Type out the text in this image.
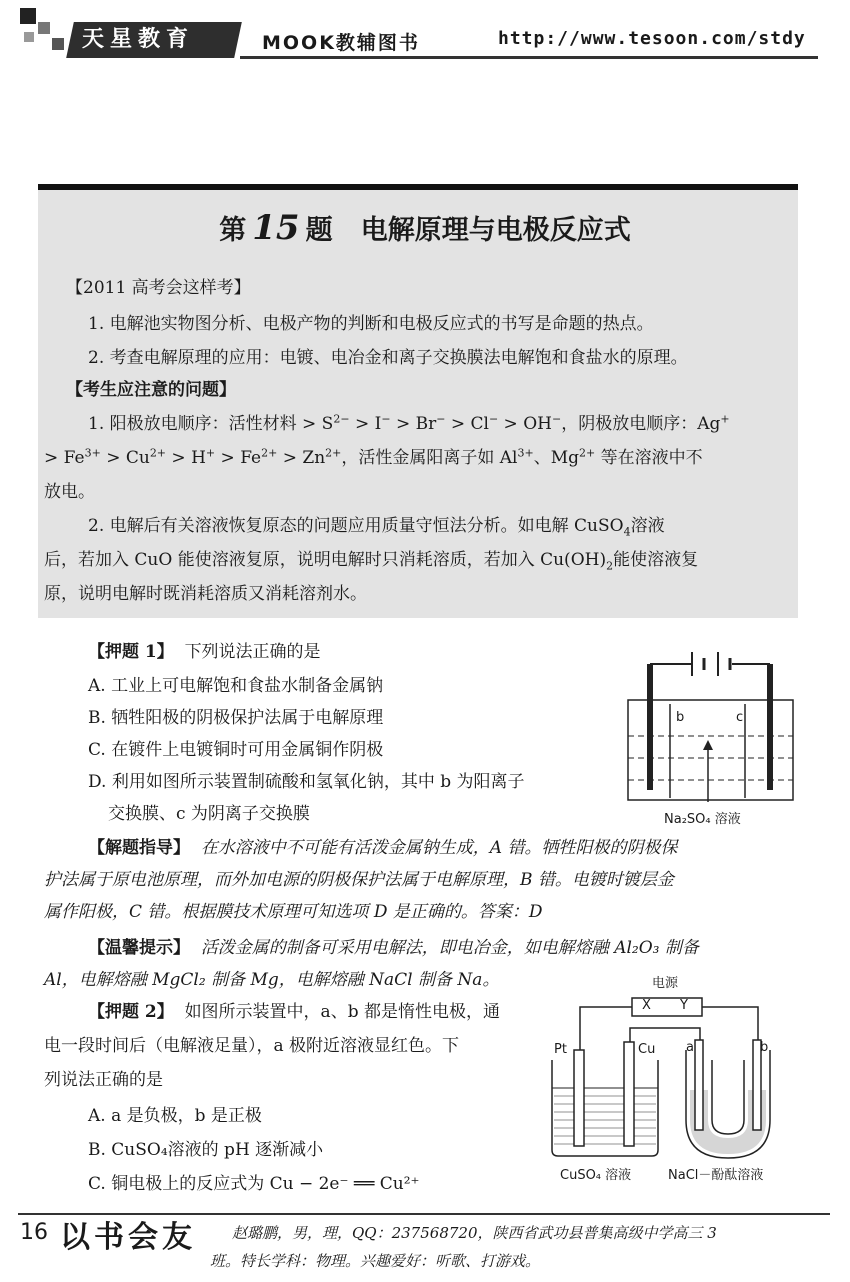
天星教育	MOOK教辅图书	http://www.tesoon.com/stdy
第 15 题 电解原理与电极反应式
【2011 高考会这样考】
1. 电解池实物图分析、电极产物的判断和电极反应式的书写是命题的热点。
2. 考查电解原理的应用：电镀、电冶金和离子交换膜法电解饱和食盐水的原理。
【考生应注意的问题】
1. 阳极放电顺序：活性材料 > $S^{2-} > I^- > Br^- > Cl^- > OH^-$，阴极放电顺序：Ag+
> $Fe^{3+} > Cu^{2+} > H^+ > Fe^{2+} > Zn^{2+}$，活性金属阳离子如 $Al^{3+}$、$Mg^{2+}$ 等在溶液中不
放电。
2. 电解后有关溶液恢复原态的问题应用质量守恒法分析。如电解 CuSO$_4$溶液
后，若加入 CuO 能使溶液复原，说明电解时只消耗溶质，若加入 $Cu(OH)_2$能使溶液复
原，说明电解时既消耗溶质又消耗溶剂水。
【押题 1】 下列说法正确的是
A. 工业上可电解饱和食盐水制备金属钠
B. 牺牲阳极的阴极保护法属于电解原理
C. 在镀件上电镀铜时可用金属铜作阴极
D. 利用如图所示装置制硫酸和氢氧化钠，其中 b 为阳离子
交换膜、c 为阴离子交换膜
b	c
Na₂SO₄ 溶液
【解题指导】 在水溶液中不可能有活泼金属钠生成，A 错。牺牲阳极的阴极保
护法属于原电池原理，而外加电源的阴极保护法属于电解原理，B 错。电镀时镀层金
属作阳极，C 错。根据膜技术原理可知选项 D 是正确的。答案：D
【温馨提示】 活泼金属的制备可采用电解法，即电冶金，如电解熔融 Al₂O₃ 制备
Al，电解熔融 MgCl₂ 制备 Mg，电解熔融 NaCl 制备 Na。
【押题 2】 如图所示装置中，a、b 都是惰性电极，通
电一段时间后（电解液足量），a 极附近溶液显红色。下
列说法正确的是
A. a 是负极，b 是正极
B. CuSO₄溶液的 pH 逐渐减小
C. 铜电极上的反应式为 Cu − 2e⁻ ══ Cu²⁺
电源
X Y
Pt	Cu a	b
CuSO₄ 溶液	NaCl－酚酞溶液
16 以书会友 赵璐鹏，男，理，QQ：237568720，陕西省武功县普集高级中学高三 3
班。特长学科：物理。兴趣爱好：听歌、打游戏。
